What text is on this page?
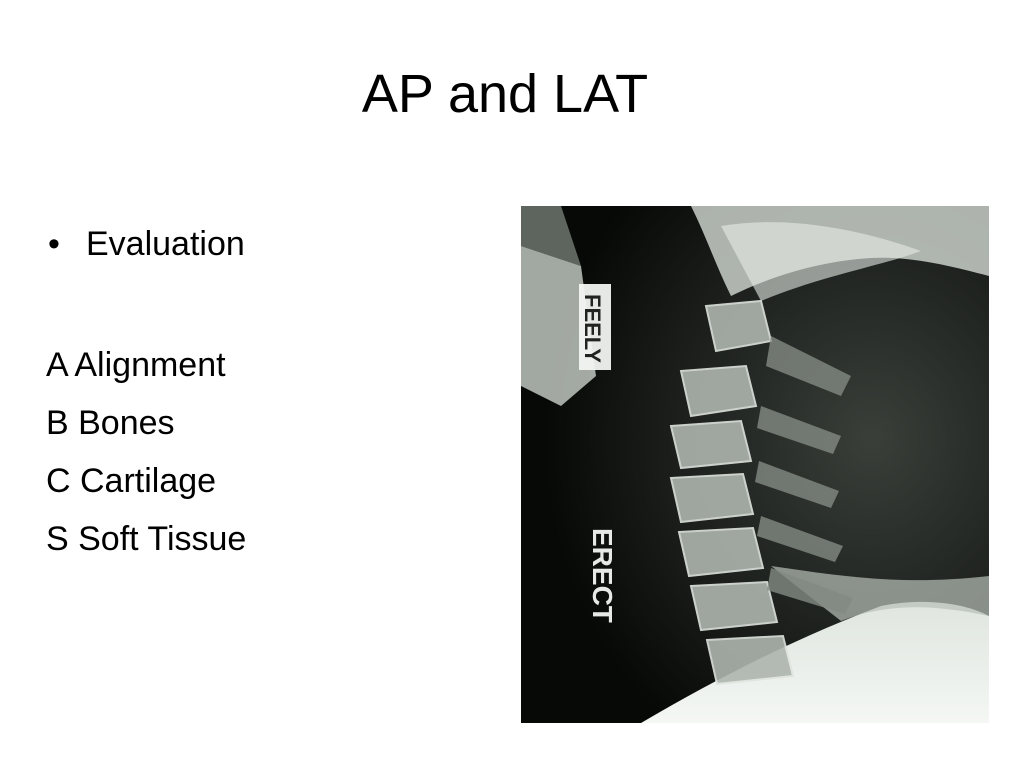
AP and LAT
• Evaluation
A Alignment
B Bones
C Cartilage
S Soft Tissue
FEELY
ERECТ
